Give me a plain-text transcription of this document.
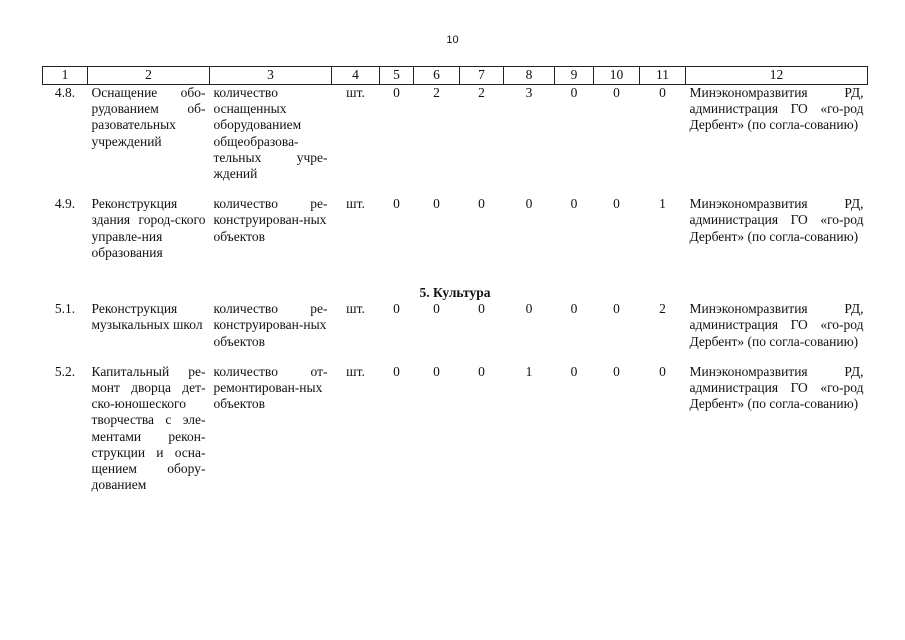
10
1	2	3	4	5	6	7	8	9	10	11	12
4.8.	Оснащение обо-рудованием об-разовательных учреждений	количество оснащенных оборудованием общеобразова-тельных учре-ждений	шт.	0	2	2	3	0	0	0	Минэкономразвития РД, администрация ГО «го-род Дербент» (по согла-сованию)

4.9.	Реконструкция здания город-ского управле-ния образования	количество ре-конструирован-ных объектов	шт.	0	0	0	0	0	0	1	Минэкономразвития РД, администрация ГО «го-род Дербент» (по согла-сованию)

5. Культура											
5.1.	Реконструкция музыкальных школ	количество ре-конструирован-ных объектов	шт.	0	0	0	0	0	0	2	Минэкономразвития РД, администрация ГО «го-род Дербент» (по согла-сованию)

5.2.	Капитальный ре-монт дворца дет-ско-юношеского творчества с эле-ментами рекон-струкции и осна-щением обору-дованием	количество от-ремонтирован-ных объектов	шт.	0	0	0	1	0	0	0	Минэкономразвития РД, администрация ГО «го-род Дербент» (по согла-сованию)
